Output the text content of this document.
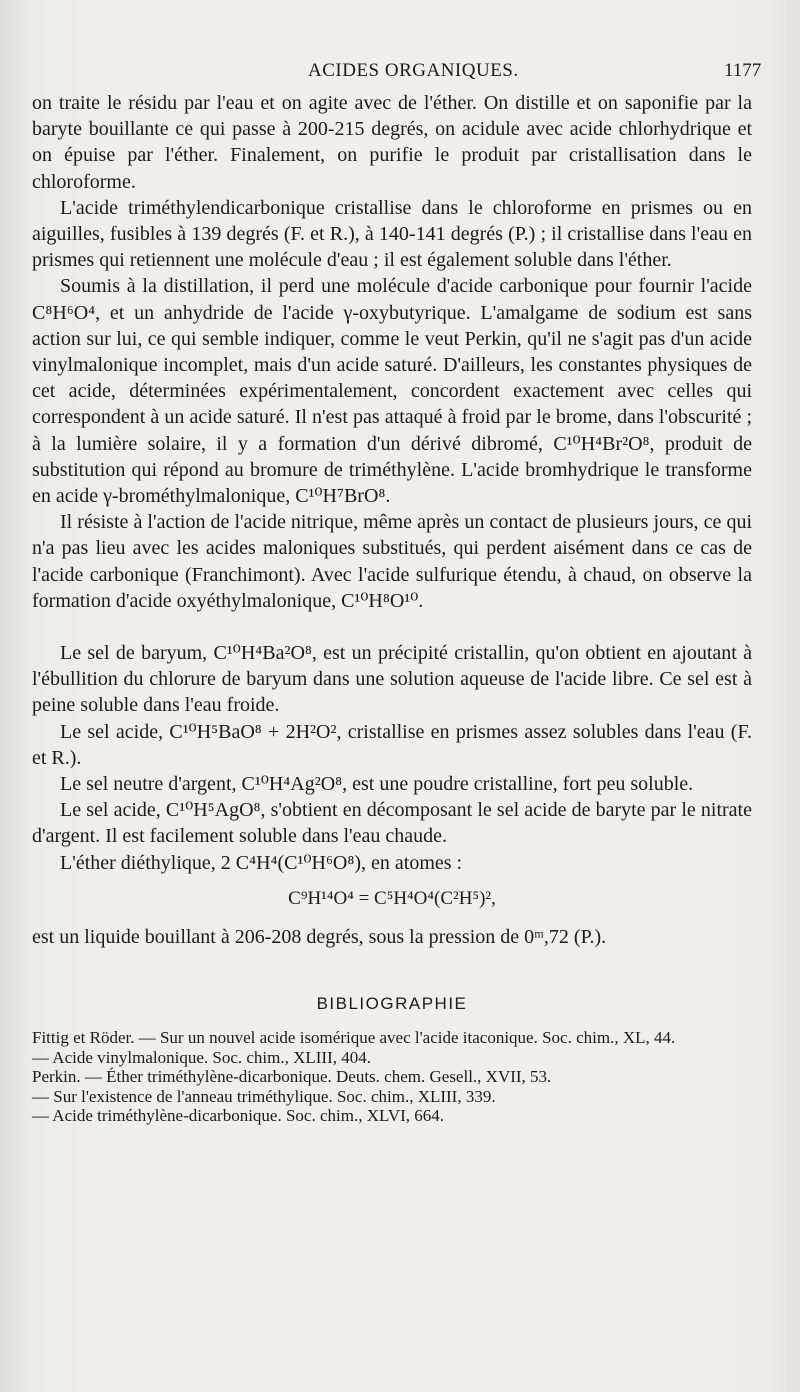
ACIDES ORGANIQUES.	1177

on traite le résidu par l'eau et on agite avec de l'éther. On distille et on saponifie par la baryte bouillante ce qui passe à 200-215 degrés, on acidule avec acide chlorhydrique et on épuise par l'éther. Finalement, on purifie le produit par cristallisation dans le chloroforme.

L'acide triméthylendicarbonique cristallise dans le chloroforme en prismes ou en aiguilles, fusibles à 139 degrés (F. et R.), à 140-141 degrés (P.) ; il cristallise dans l'eau en prismes qui retiennent une molécule d'eau ; il est également soluble dans l'éther.

Soumis à la distillation, il perd une molécule d'acide carbonique pour fournir l'acide C⁸H⁶O⁴, et un anhydride de l'acide γ-oxybutyrique. L'amalgame de sodium est sans action sur lui, ce qui semble indiquer, comme le veut Perkin, qu'il ne s'agit pas d'un acide vinylmalonique incomplet, mais d'un acide saturé. D'ailleurs, les constantes physiques de cet acide, déterminées expérimentalement, concordent exactement avec celles qui correspondent à un acide saturé. Il n'est pas attaqué à froid par le brome, dans l'obscurité ; à la lumière solaire, il y a formation d'un dérivé dibromé, C¹⁰H⁴Br²O⁸, produit de substitution qui répond au bromure de triméthylène. L'acide bromhydrique le transforme en acide γ-brométhylmalonique, C¹⁰H⁷BrO⁸.

Il résiste à l'action de l'acide nitrique, même après un contact de plusieurs jours, ce qui n'a pas lieu avec les acides maloniques substitués, qui perdent aisément dans ce cas de l'acide carbonique (Franchimont). Avec l'acide sulfurique étendu, à chaud, on observe la formation d'acide oxyéthylmalonique, C¹⁰H⁸O¹⁰.

Le sel de baryum, C¹⁰H⁴Ba²O⁸, est un précipité cristallin, qu'on obtient en ajoutant à l'ébullition du chlorure de baryum dans une solution aqueuse de l'acide libre. Ce sel est à peine soluble dans l'eau froide.

Le sel acide, C¹⁰H⁵BaO⁸ + 2H²O², cristallise en prismes assez solubles dans l'eau (F. et R.).

Le sel neutre d'argent, C¹⁰H⁴Ag²O⁸, est une poudre cristalline, fort peu soluble.

Le sel acide, C¹⁰H⁵AgO⁸, s'obtient en décomposant le sel acide de baryte par le nitrate d'argent. Il est facilement soluble dans l'eau chaude.

L'éther diéthylique, 2 C⁴H⁴(C¹⁰H⁶O⁸), en atomes :

C⁹H¹⁴O⁴ = C⁵H⁴O⁴(C²H⁵)²,

est un liquide bouillant à 206-208 degrés, sous la pression de 0ᵐ,72 (P.).

BIBLIOGRAPHIE

Fittig et Röder. — Sur un nouvel acide isomérique avec l'acide itaconique. Soc. chim., XL, 44.

— Acide vinylmalonique. Soc. chim., XLIII, 404.

Perkin. — Éther triméthylène-dicarbonique. Deuts. chem. Gesell., XVII, 53.

— Sur l'existence de l'anneau triméthylique. Soc. chim., XLIII, 339.

— Acide triméthylène-dicarbonique. Soc. chim., XLVI, 664.
